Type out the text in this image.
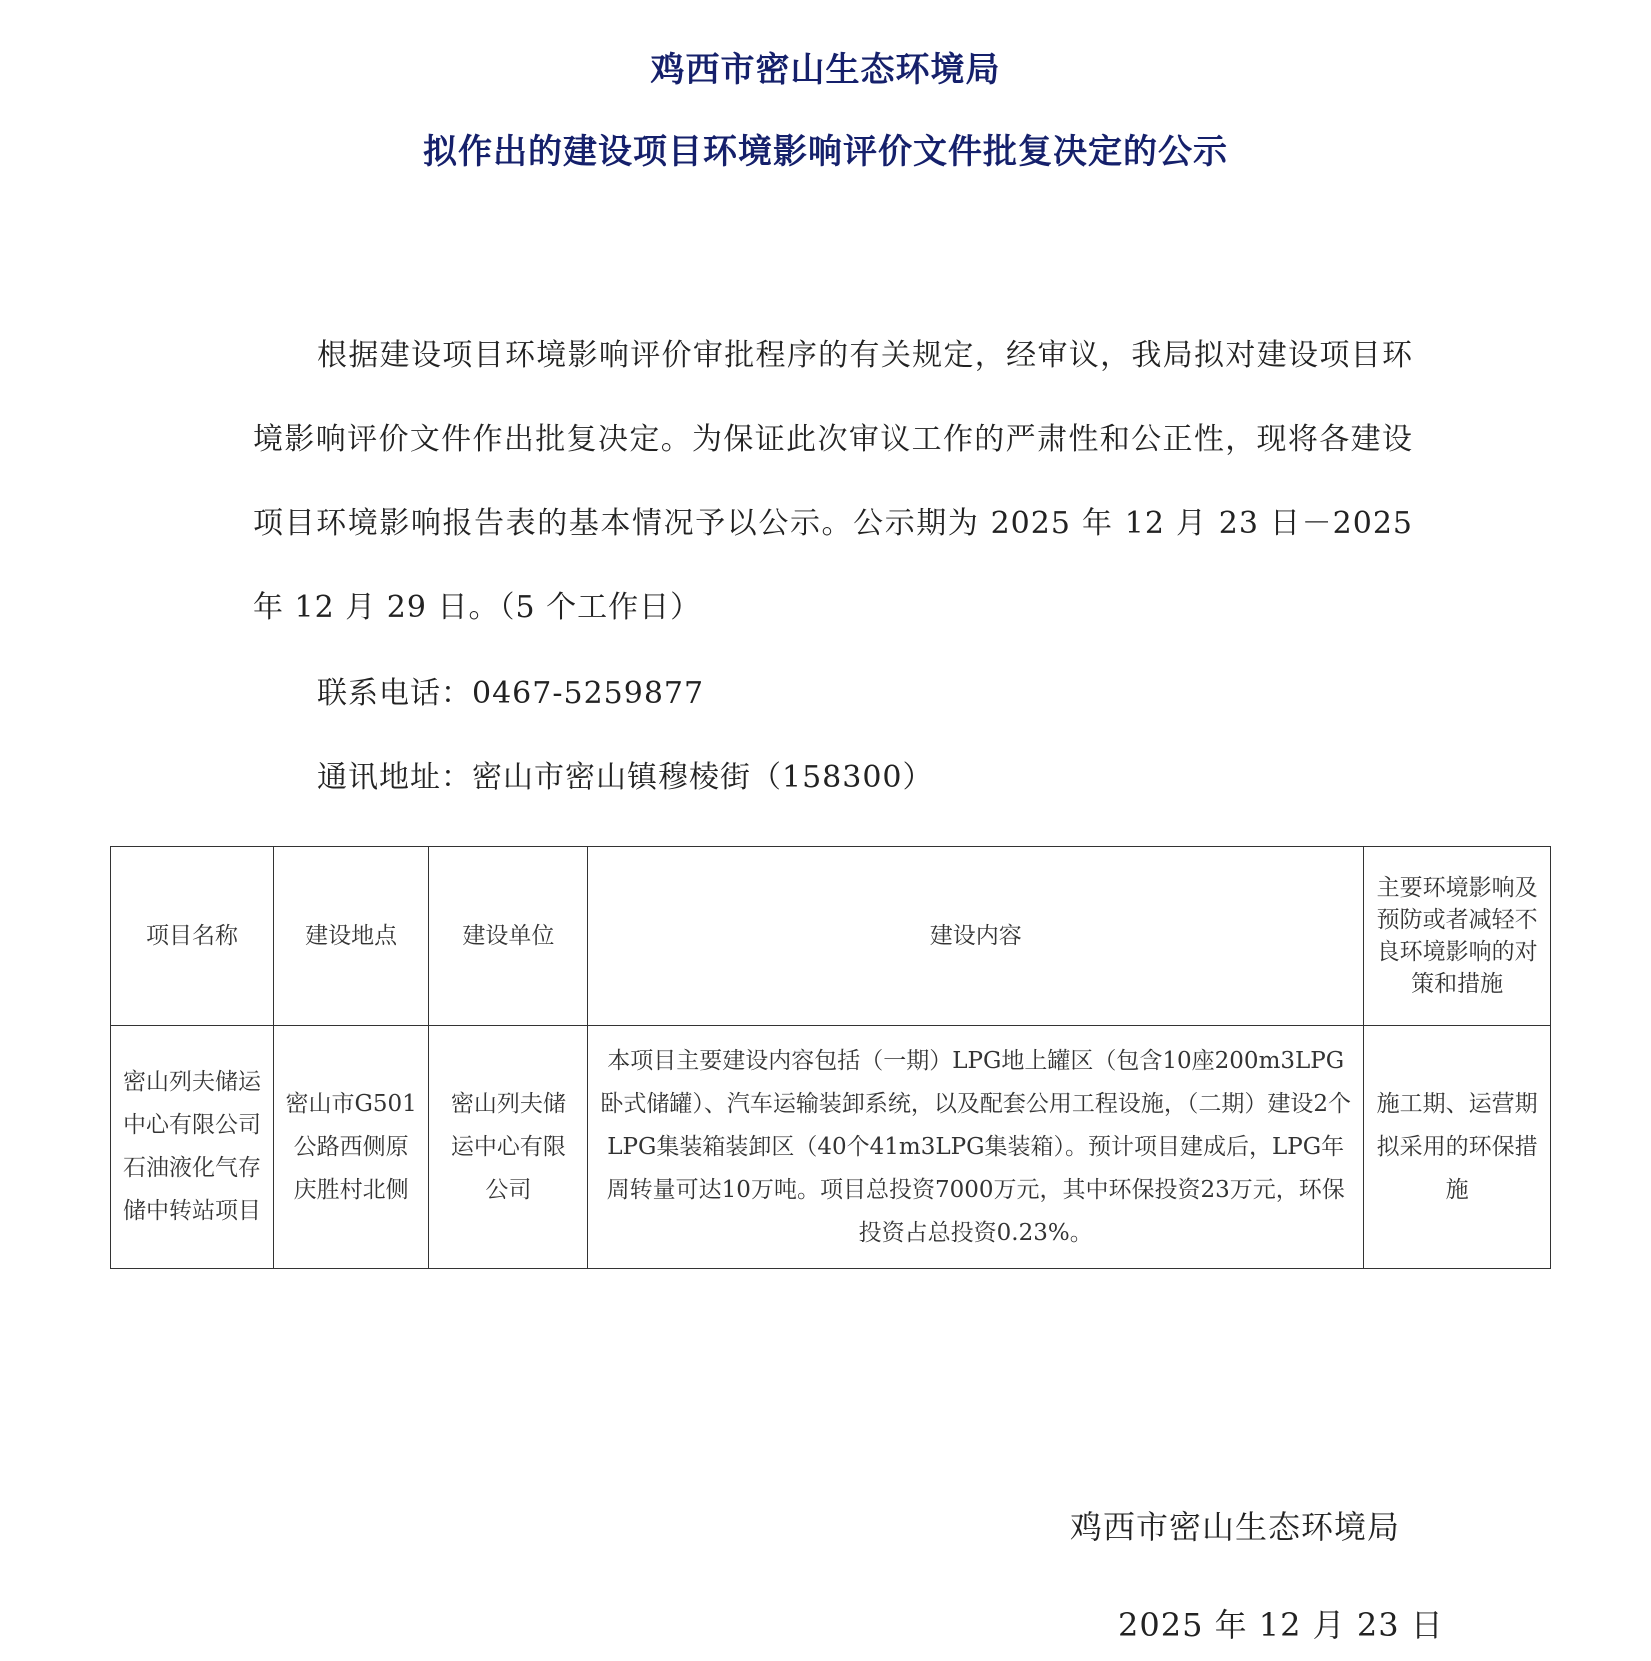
鸡西市密山生态环境局
拟作出的建设项目环境影响评价文件批复决定的公示
根据建设项目环境影响评价审批程序的有关规定，经审议，我局拟对建设项目环境影响评价文件作出批复决定。为保证此次审议工作的严肃性和公正性，现将各建设项目环境影响报告表的基本情况予以公示。公示期为 2025 年 12 月 23 日－2025 年 12 月 29 日。（5 个工作日）
联系电话：0467-5259877
通讯地址：密山市密山镇穆棱街（158300）
项目名称	建设地点	建设单位	建设内容	主要环境影响及预防或者减轻不良环境影响的对策和措施
密山列夫储运中心有限公司石油液化气存储中转站项目	密山市G501 公路西侧原庆胜村北侧	密山列夫储运中心有限公司	本项目主要建设内容包括（一期）LPG地上罐区（包含10座200m3LPG卧式储罐）、汽车运输装卸系统，以及配套公用工程设施，（二期）建设2个LPG集装箱装卸区（40个41m3LPG集装箱）。预计项目建成后，LPG年周转量可达10万吨。项目总投资7000万元，其中环保投资23万元，环保投资占总投资0.23%。	施工期、运营期拟采用的环保措施
鸡西市密山生态环境局
2025 年 12 月 23 日
